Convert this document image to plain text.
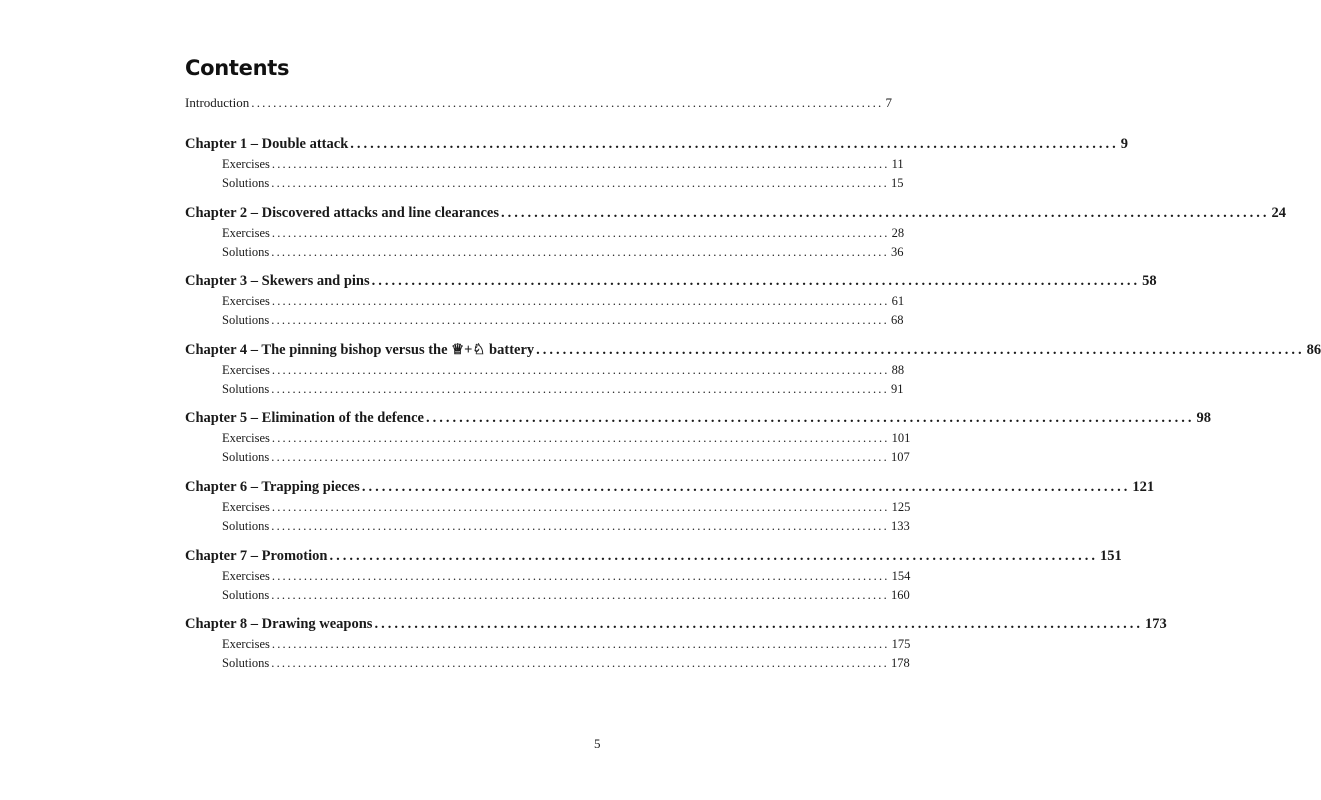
Contents
Introduction .................................................................................................................... 7
Chapter 1 – Double attack .................................................................................................................... 9
Exercises .................................................................................................................... 11
Solutions .................................................................................................................... 15
Chapter 2 – Discovered attacks and line clearances .................................................................................................................... 24
Exercises .................................................................................................................... 28
Solutions .................................................................................................................... 36
Chapter 3 – Skewers and pins .................................................................................................................... 58
Exercises .................................................................................................................... 61
Solutions .................................................................................................................... 68
Chapter 4 – The pinning bishop versus the ♕+♘ battery .................................................................................................................... 86
Exercises .................................................................................................................... 88
Solutions .................................................................................................................... 91
Chapter 5 – Elimination of the defence .................................................................................................................... 98
Exercises .................................................................................................................... 101
Solutions .................................................................................................................... 107
Chapter 6 – Trapping pieces .................................................................................................................... 121
Exercises .................................................................................................................... 125
Solutions .................................................................................................................... 133
Chapter 7 – Promotion .................................................................................................................... 151
Exercises .................................................................................................................... 154
Solutions .................................................................................................................... 160
Chapter 8 – Drawing weapons .................................................................................................................... 173
Exercises .................................................................................................................... 175
Solutions .................................................................................................................... 178
5
